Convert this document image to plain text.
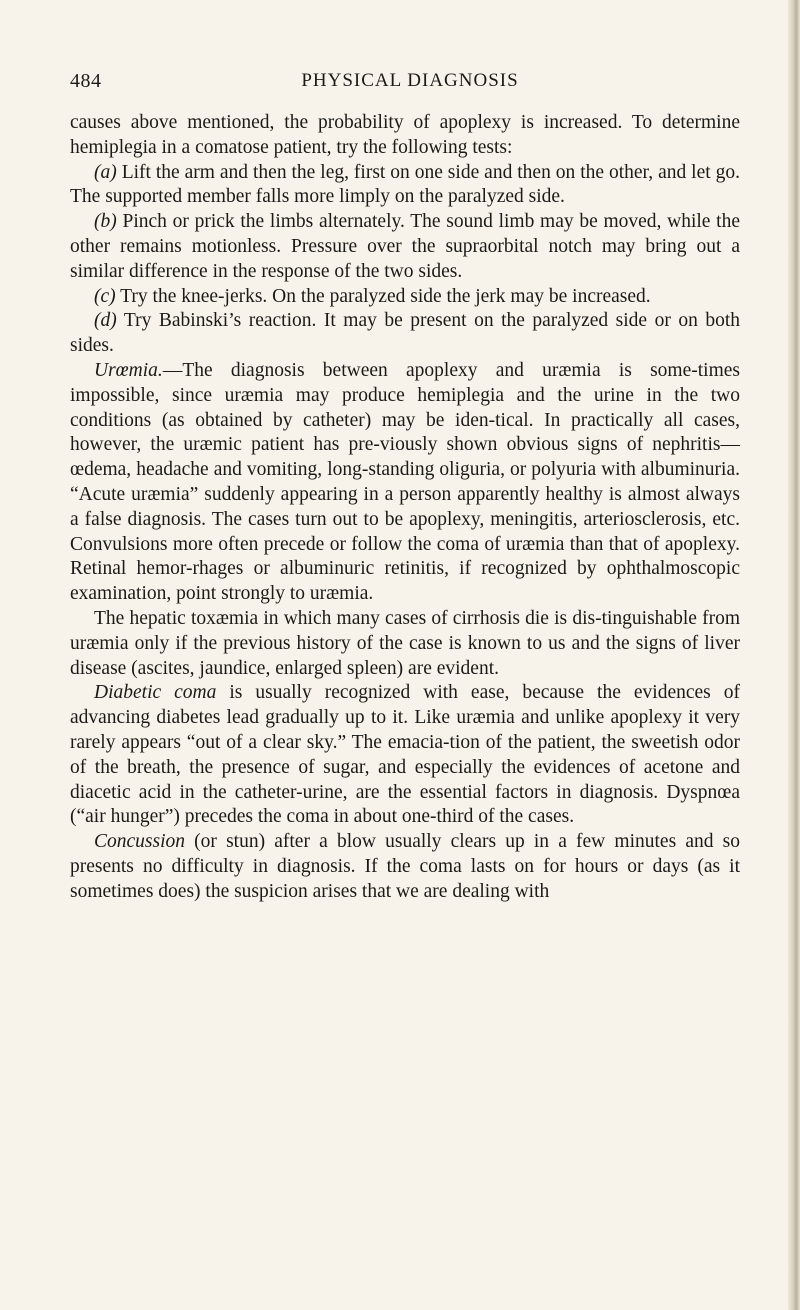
484	PHYSICAL DIAGNOSIS

causes above mentioned, the probability of apoplexy is increased. To determine hemiplegia in a comatose patient, try the following tests:

(a) Lift the arm and then the leg, first on one side and then on the other, and let go. The supported member falls more limply on the paralyzed side.

(b) Pinch or prick the limbs alternately. The sound limb may be moved, while the other remains motionless. Pressure over the supraorbital notch may bring out a similar difference in the response of the two sides.

(c) Try the knee-jerks. On the paralyzed side the jerk may be increased.

(d) Try Babinski’s reaction. It may be present on the paralyzed side or on both sides.

Urœmia.—The diagnosis between apoplexy and uræmia is some-times impossible, since uræmia may produce hemiplegia and the urine in the two conditions (as obtained by catheter) may be iden-tical. In practically all cases, however, the uræmic patient has pre-viously shown obvious signs of nephritis—œdema, headache and vomiting, long-standing oliguria, or polyuria with albuminuria. “Acute uræmia” suddenly appearing in a person apparently healthy is almost always a false diagnosis. The cases turn out to be apoplexy, meningitis, arteriosclerosis, etc. Convulsions more often precede or follow the coma of uræmia than that of apoplexy. Retinal hemor-rhages or albuminuric retinitis, if recognized by ophthalmoscopic examination, point strongly to uræmia.

The hepatic toxæmia in which many cases of cirrhosis die is dis-tinguishable from uræmia only if the previous history of the case is known to us and the signs of liver disease (ascites, jaundice, enlarged spleen) are evident.

Diabetic coma is usually recognized with ease, because the evidences of advancing diabetes lead gradually up to it. Like uræmia and unlike apoplexy it very rarely appears “out of a clear sky.” The emacia-tion of the patient, the sweetish odor of the breath, the presence of sugar, and especially the evidences of acetone and diacetic acid in the catheter-urine, are the essential factors in diagnosis. Dyspnœa (“air hunger”) precedes the coma in about one-third of the cases.

Concussion (or stun) after a blow usually clears up in a few minutes and so presents no difficulty in diagnosis. If the coma lasts on for hours or days (as it sometimes does) the suspicion arises that we are dealing with
